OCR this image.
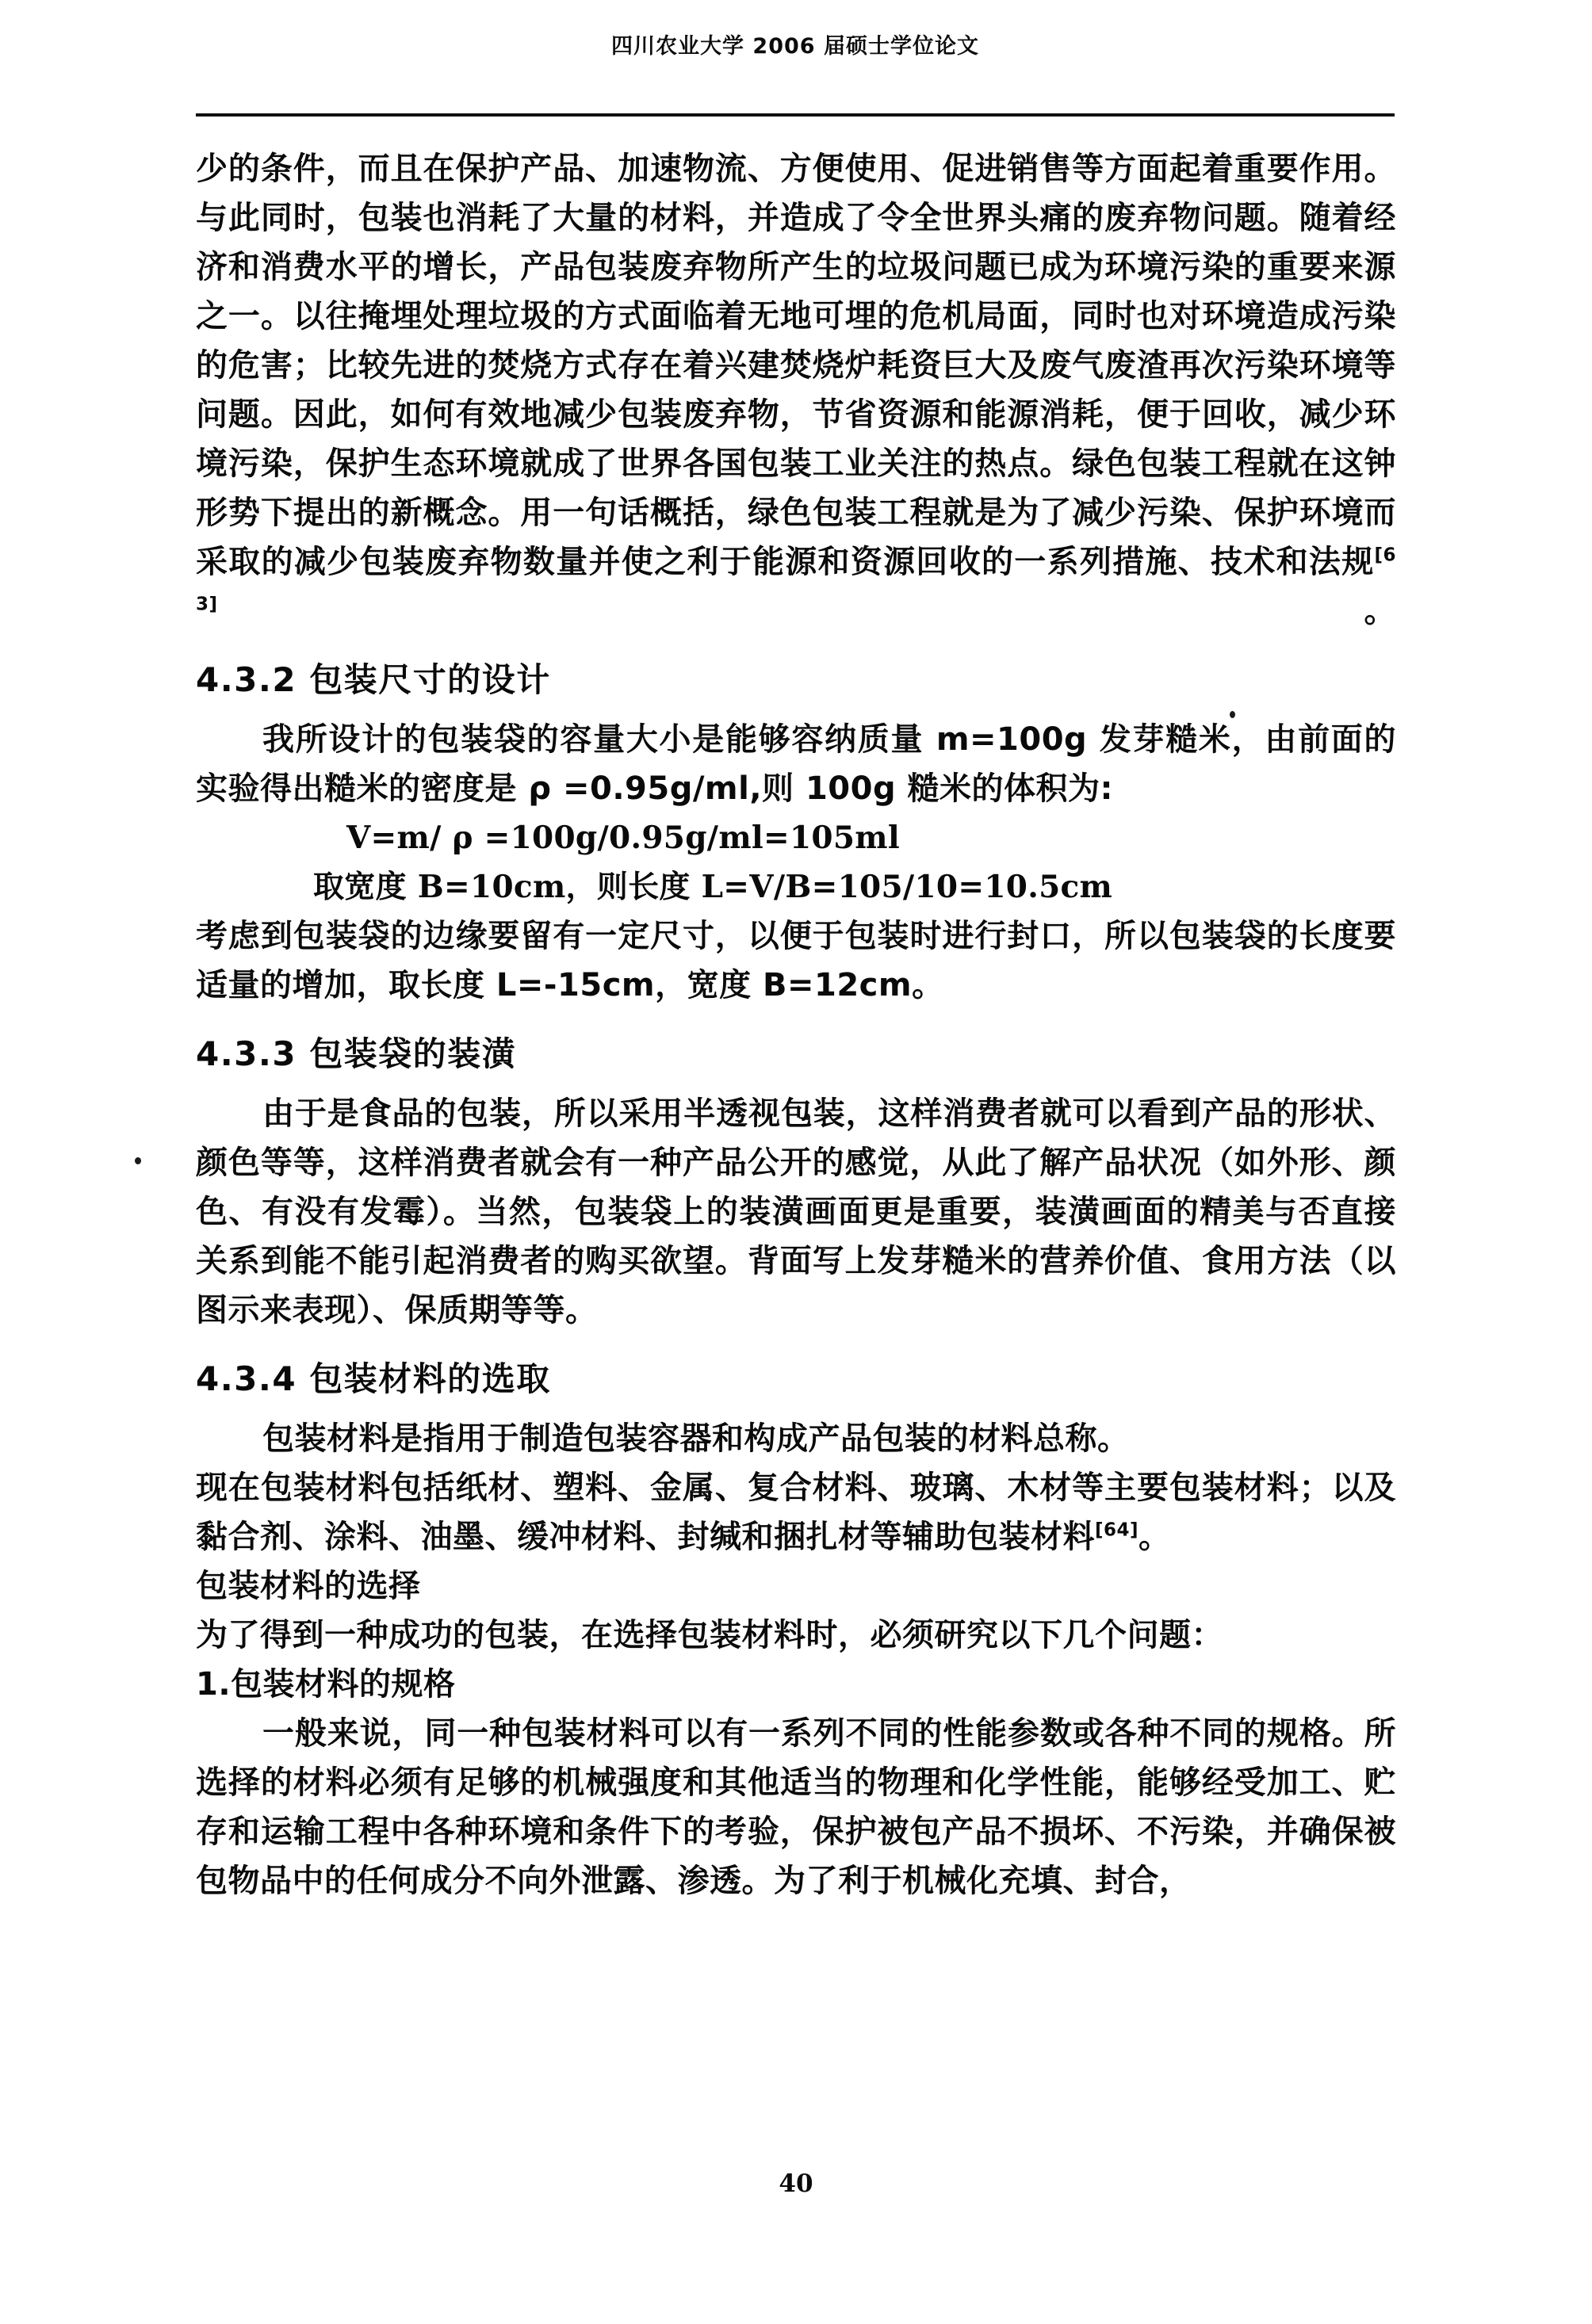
四川农业大学 2006 届硕士学位论文

少的条件，而且在保护产品、加速物流、方便使用、促进销售等方面起着重要作用。与此同时，包装也消耗了大量的材料，并造成了令全世界头痛的废弃物问题。随着经济和消费水平的增长，产品包装废弃物所产生的垃圾问题已成为环境污染的重要来源之一。以往掩埋处理垃圾的方式面临着无地可埋的危机局面，同时也对环境造成污染的危害；比较先进的焚烧方式存在着兴建焚烧炉耗资巨大及废气废渣再次污染环境等问题。因此，如何有效地减少包装废弃物，节省资源和能源消耗，便于回收，减少环境污染，保护生态环境就成了世界各国包装工业关注的热点。绿色包装工程就在这钟形势下提出的新概念。用一句话概括，绿色包装工程就是为了减少污染、保护环境而采取的减少包装废弃物数量并使之利于能源和资源回收的一系列措施、技术和法规[63]。

4.3.2 包装尺寸的设计

我所设计的包装袋的容量大小是能够容纳质量 m=100g 发芽糙米，由前面的实验得出糙米的密度是 ρ =0.95g/ml,则 100g 糙米的体积为:

V=m/ ρ =100g/0.95g/ml=105ml

取宽度 B=10cm，则长度 L=V/B=105/10=10.5cm

考虑到包装袋的边缘要留有一定尺寸，以便于包装时进行封口，所以包装袋的长度要适量的增加，取长度 L=-15cm，宽度 B=12cm。

4.3.3 包装袋的装潢

由于是食品的包装，所以采用半透视包装，这样消费者就可以看到产品的形状、颜色等等，这样消费者就会有一种产品公开的感觉，从此了解产品状况（如外形、颜色、有没有发霉）。当然，包装袋上的装潢画面更是重要，装潢画面的精美与否直接关系到能不能引起消费者的购买欲望。背面写上发芽糙米的营养价值、食用方法（以图示来表现）、保质期等等。

4.3.4 包装材料的选取

包装材料是指用于制造包装容器和构成产品包装的材料总称。

现在包装材料包括纸材、塑料、金属、复合材料、玻璃、木材等主要包装材料；以及黏合剂、涂料、油墨、缓冲材料、封缄和捆扎材等辅助包装材料[64]。

包装材料的选择

为了得到一种成功的包装，在选择包装材料时，必须研究以下几个问题：

1.包装材料的规格

一般来说，同一种包装材料可以有一系列不同的性能参数或各种不同的规格。所选择的材料必须有足够的机械强度和其他适当的物理和化学性能，能够经受加工、贮存和运输工程中各种环境和条件下的考验，保护被包产品不损坏、不污染，并确保被包物品中的任何成分不向外泄露、渗透。为了利于机械化充填、封合，

40
